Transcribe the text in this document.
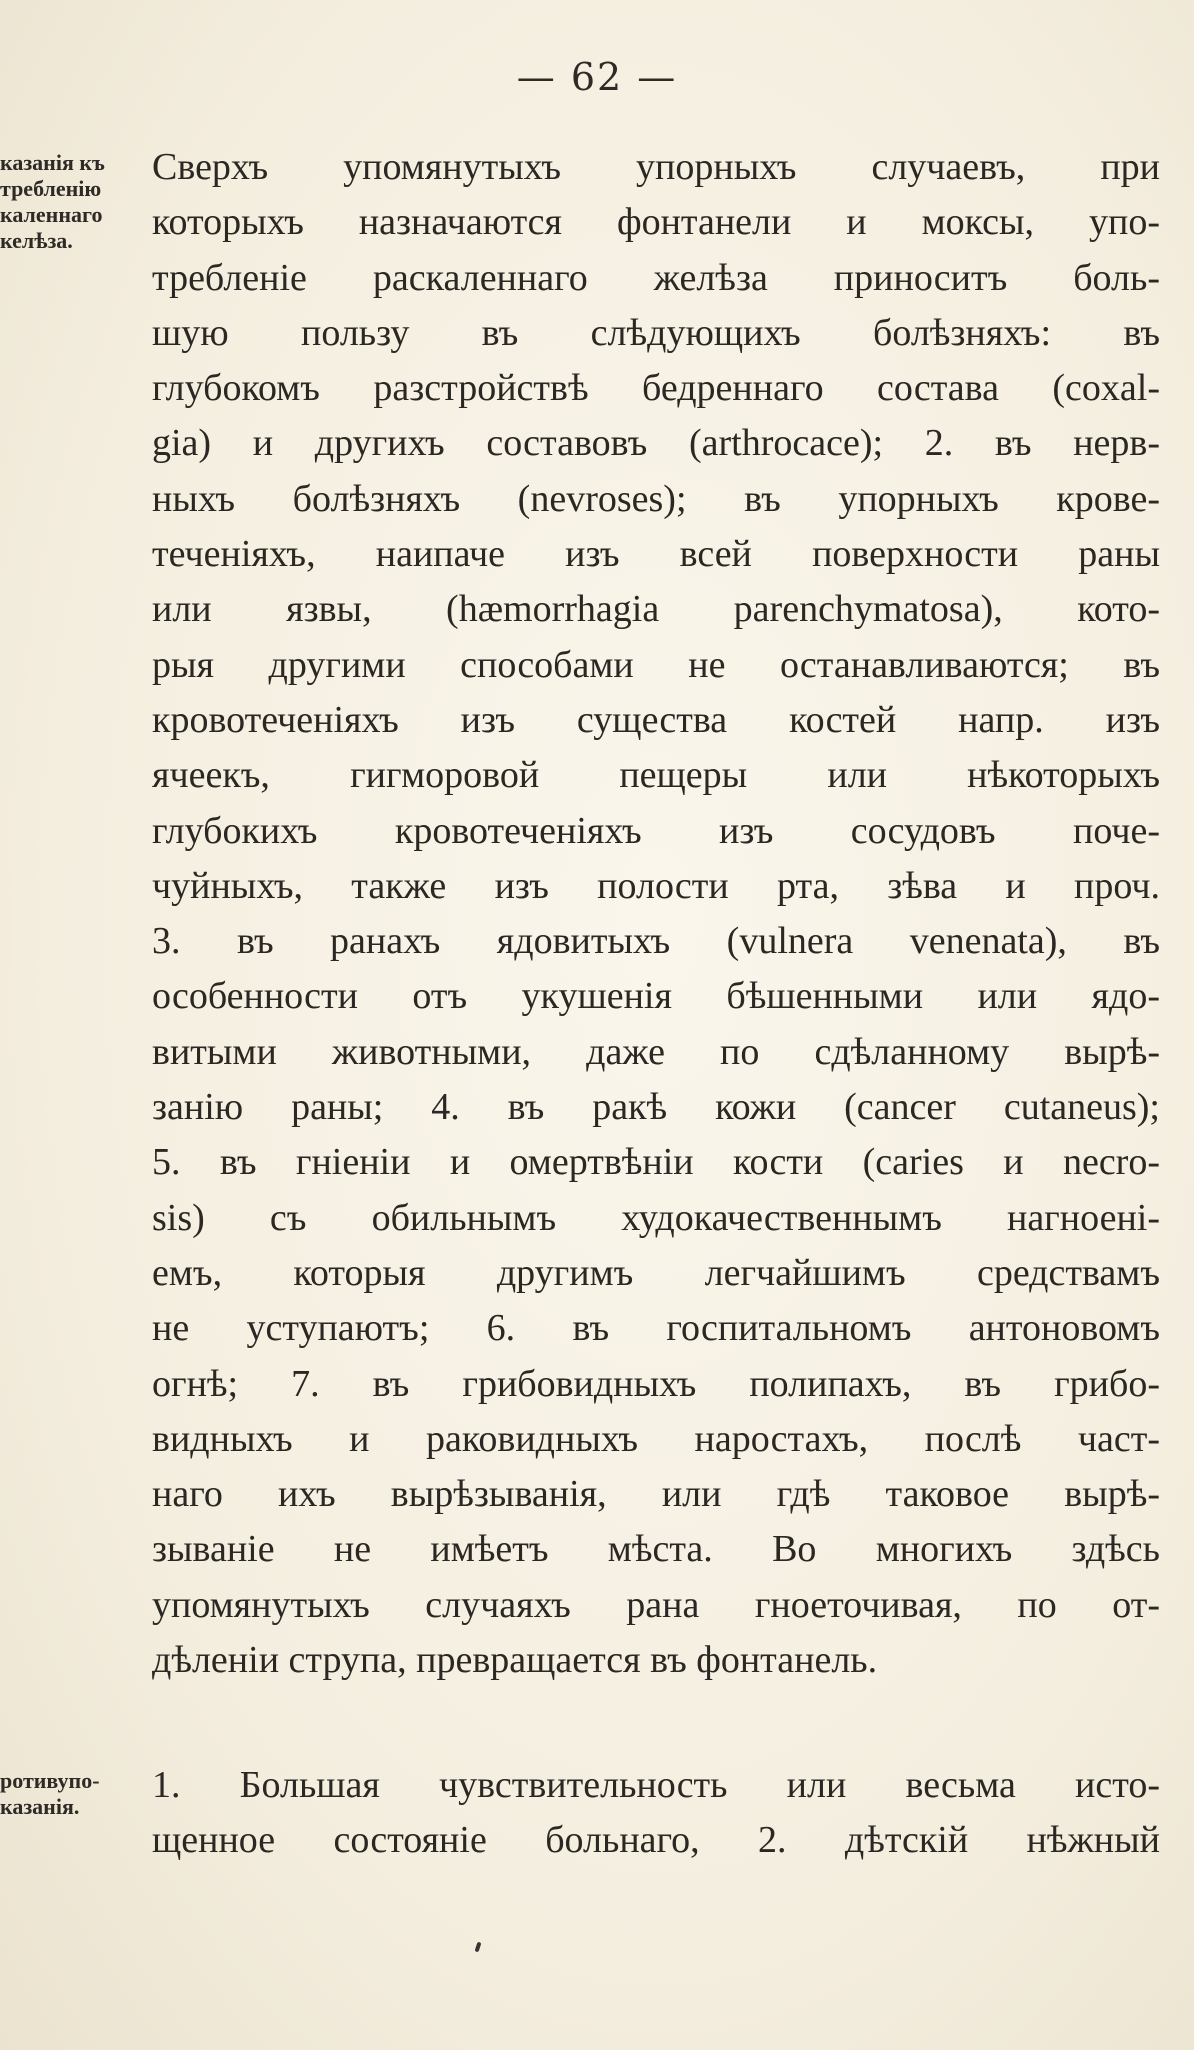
— 62 —
казанія къ
требленію
каленнаго
келѣза.
Сверхъ упомянутыхъ упорныхъ случаевъ, при
которыхъ назначаются фонтанели и моксы, упо-
требленіе раскаленнаго желѣза приноситъ боль-
шую пользу въ слѣдующихъ болѣзняхъ: въ
глубокомъ разстройствѣ бедреннаго состава (coxal-
gia) и другихъ составовъ (arthrocace); 2. въ нерв-
ныхъ болѣзняхъ (nevroses); въ упорныхъ крове-
теченіяхъ, наипаче изъ всей поверхности раны
или язвы, (hæmorrhagia parenchymatosa), кото-
рыя другими способами не останавливаются; въ
кровотеченіяхъ изъ существа костей напр. изъ
ячеекъ, гигморовой пещеры или нѣкоторыхъ
глубокихъ кровотеченіяхъ изъ сосудовъ поче-
чуйныхъ, также изъ полости рта, зѣва и проч.
3. въ ранахъ ядовитыхъ (vulnera venenata), въ
особенности отъ укушенія бѣшенными или ядо-
витыми животными, даже по сдѣланному вырѣ-
занію раны; 4. въ ракѣ кожи (cancer cutaneus);
5. въ гніеніи и омертвѣніи кости (caries и necro-
sis) съ обильнымъ худокачественнымъ нагноені-
емъ, которыя другимъ легчайшимъ средствамъ
не уступаютъ; 6. въ госпитальномъ антоновомъ
огнѣ; 7. въ грибовидныхъ полипахъ, въ грибо-
видныхъ и раковидныхъ наростахъ, послѣ част-
наго ихъ вырѣзыванія, или гдѣ таковое вырѣ-
зываніе не имѣетъ мѣста. Во многихъ здѣсь
упомянутыхъ случаяхъ рана гноеточивая, по от-
дѣленіи струпа, превращается въ фонтанель.
ротивупо-
казанія.
1. Большая чувствительность или весьма исто-
щенное состояніе больнаго, 2. дѣтскій нѣжный
